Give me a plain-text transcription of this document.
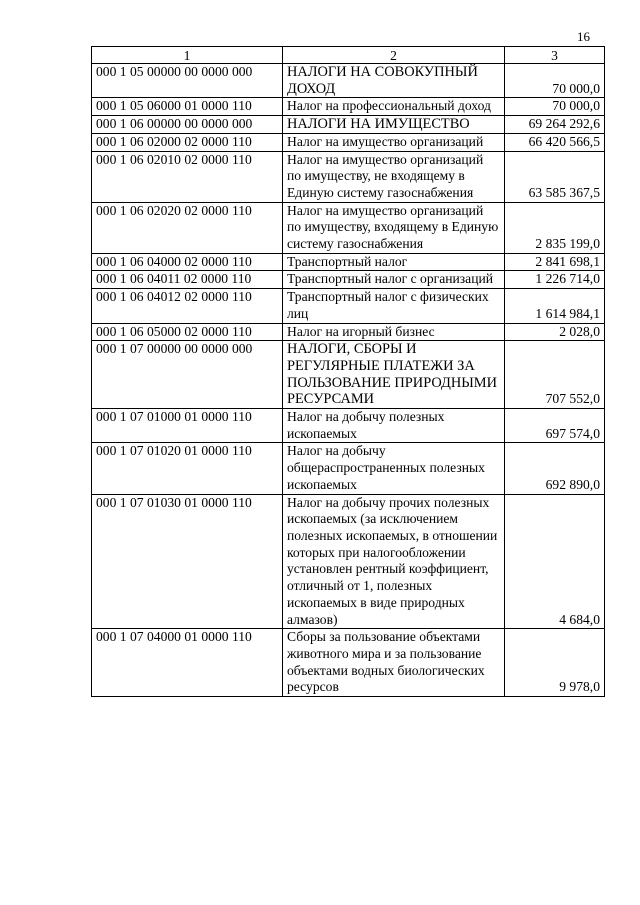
16
1	2	3
000 1 05 00000 00 0000 000	НАЛОГИ НА СОВОКУПНЫЙ ДОХОД	70 000,0
000 1 05 06000 01 0000 110	Налог на профессиональный доход	70 000,0
000 1 06 00000 00 0000 000	НАЛОГИ НА ИМУЩЕСТВО	69 264 292,6
000 1 06 02000 02 0000 110	Налог на имущество организаций	66 420 566,5
000 1 06 02010 02 0000 110	Налог на имущество организаций по имуществу, не входящему в Единую систему газоснабжения	63 585 367,5
000 1 06 02020 02 0000 110	Налог на имущество организаций по имуществу, входящему в Единую систему газоснабжения	2 835 199,0
000 1 06 04000 02 0000 110	Транспортный налог	2 841 698,1
000 1 06 04011 02 0000 110	Транспортный налог с организаций	1 226 714,0
000 1 06 04012 02 0000 110	Транспортный налог с физических лиц	1 614 984,1
000 1 06 05000 02 0000 110	Налог на игорный бизнес	2 028,0
000 1 07 00000 00 0000 000	НАЛОГИ, СБОРЫ И РЕГУЛЯРНЫЕ ПЛАТЕЖИ ЗА ПОЛЬЗОВАНИЕ ПРИРОДНЫМИ РЕСУРСАМИ	707 552,0
000 1 07 01000 01 0000 110	Налог на добычу полезных ископаемых	697 574,0
000 1 07 01020 01 0000 110	Налог на добычу общераспространенных полезных ископаемых	692 890,0
000 1 07 01030 01 0000 110	Налог на добычу прочих полезных ископаемых (за исключением полезных ископаемых, в отношении которых при налогообложении установлен рентный коэффициент, отличный от 1, полезных ископаемых в виде природных алмазов)	4 684,0
000 1 07 04000 01 0000 110	Сборы за пользование объектами животного мира и за пользование объектами водных биологических ресурсов	9 978,0
